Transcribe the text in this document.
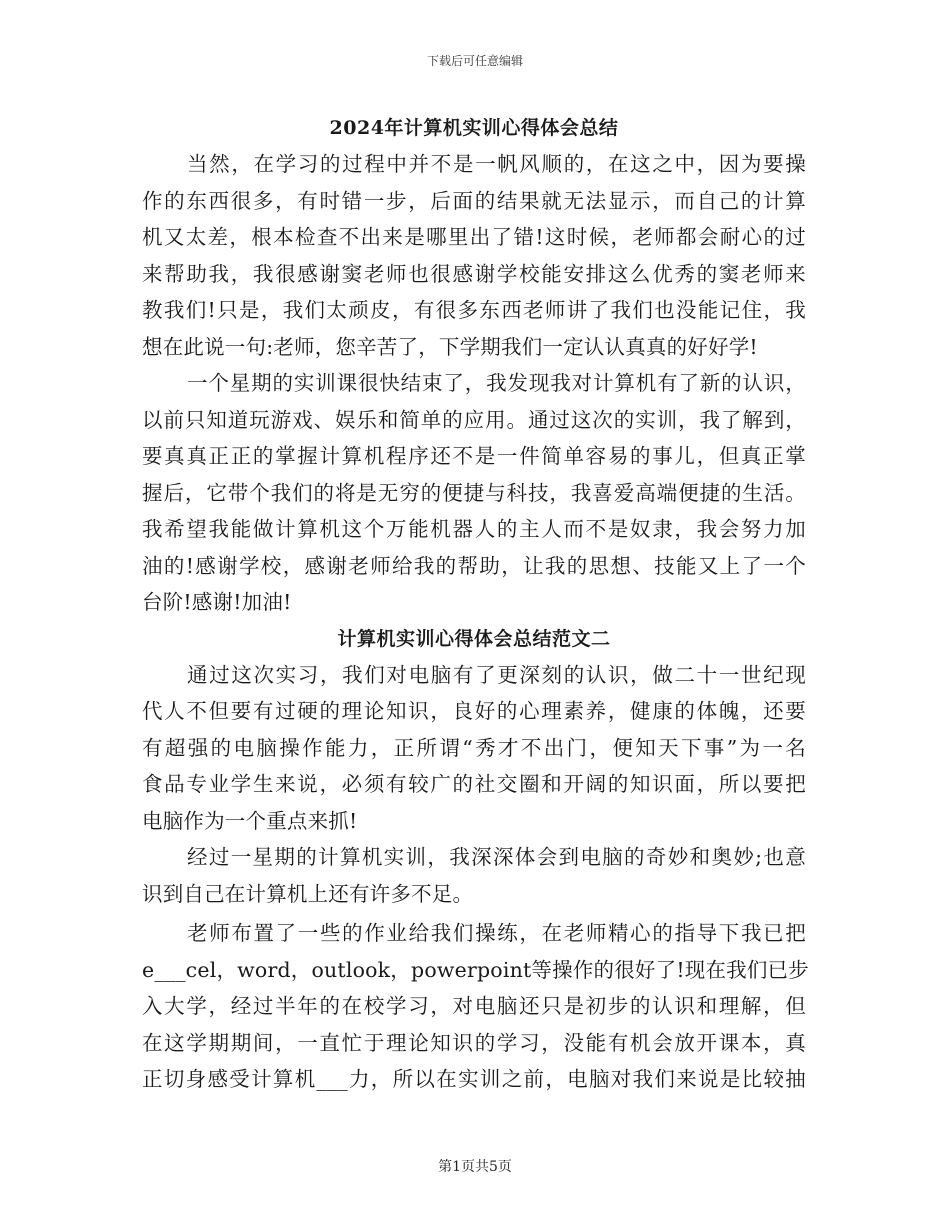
下载后可任意编辑
2024年计算机实训心得体会总结
当然，在学习的过程中并不是一帆风顺的，在这之中，因为要操
作的东西很多，有时错一步，后面的结果就无法显示，而自己的计算
机又太差，根本检查不出来是哪里出了错!这时候，老师都会耐心的过
来帮助我，我很感谢窦老师也很感谢学校能安排这么优秀的窦老师来
教我们!只是，我们太顽皮，有很多东西老师讲了我们也没能记住，我
想在此说一句:老师，您辛苦了，下学期我们一定认认真真的好好学!
一个星期的实训课很快结束了，我发现我对计算机有了新的认识，
以前只知道玩游戏、娱乐和简单的应用。通过这次的实训，我了解到，
要真真正正的掌握计算机程序还不是一件简单容易的事儿，但真正掌
握后，它带个我们的将是无穷的便捷与科技，我喜爱高端便捷的生活。
我希望我能做计算机这个万能机器人的主人而不是奴隶，我会努力加
油的!感谢学校，感谢老师给我的帮助，让我的思想、技能又上了一个
台阶!感谢!加油!
计算机实训心得体会总结范文二
通过这次实习，我们对电脑有了更深刻的认识，做二十一世纪现
代人不但要有过硬的理论知识，良好的心理素养，健康的体魄，还要
有超强的电脑操作能力，正所谓“秀才不出门，便知天下事”为一名
食品专业学生来说，必须有较广的社交圈和开阔的知识面，所以要把
电脑作为一个重点来抓!
经过一星期的计算机实训，我深深体会到电脑的奇妙和奥妙;也意
识到自己在计算机上还有许多不足。
老师布置了一些的作业给我们操练，在老师精心的指导下我已把
e___cel，word，outlook，powerpoint等操作的很好了!现在我们已步
入大学，经过半年的在校学习，对电脑还只是初步的认识和理解，但
在这学期期间，一直忙于理论知识的学习，没能有机会放开课本，真
正切身感受计算机___力，所以在实训之前，电脑对我们来说是比较抽
第1页共5页
